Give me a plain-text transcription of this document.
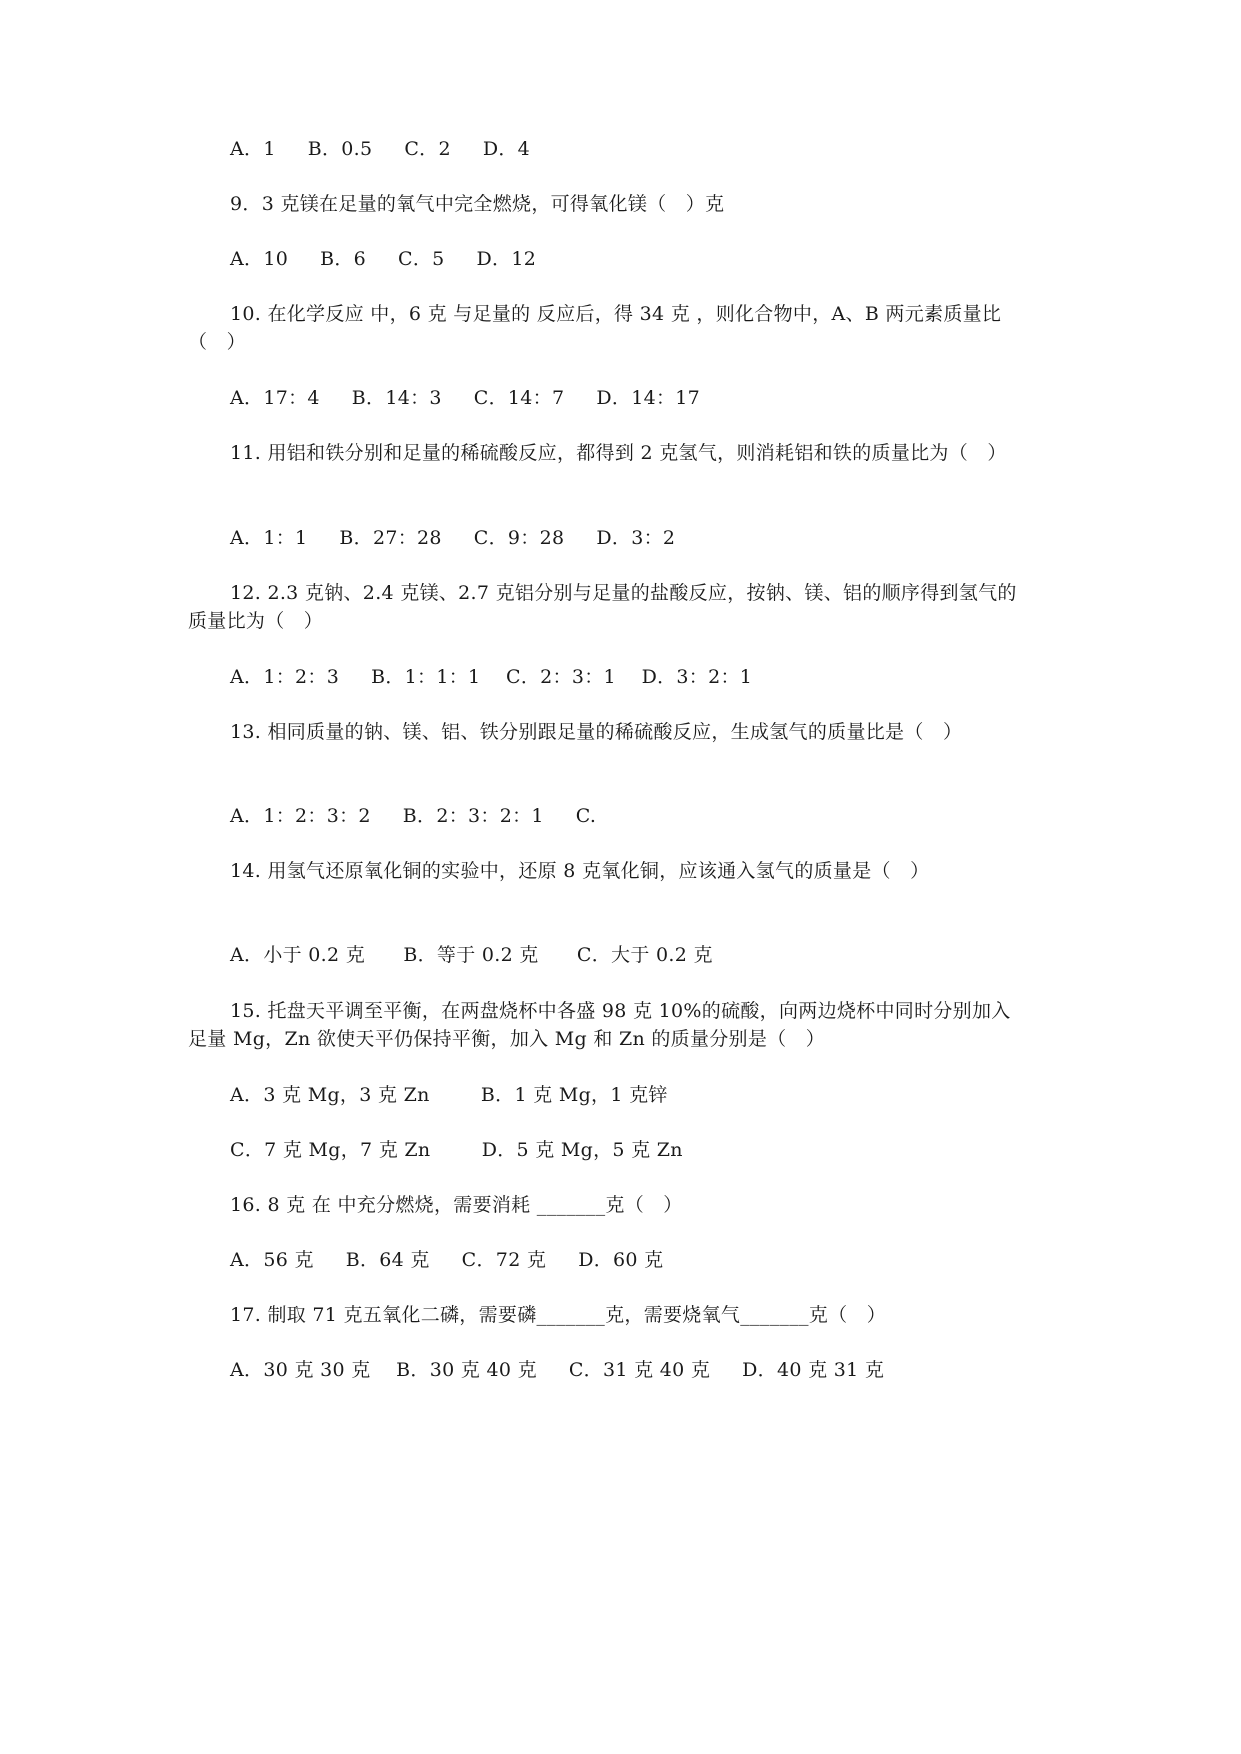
A．1　  B．0.5　  C．2　  D．4
9．3 克镁在足量的氧气中完全燃烧，可得氧化镁（　）克
A．10　  B．6　  C．5　  D．12
10. 在化学反应 中，6 克 与足量的 反应后，得 34 克 ，则化合物中，A、B 两元素质量比
（　）
A．17：4　  B．14：3　  C．14：7　  D．14：17
11. 用铝和铁分别和足量的稀硫酸反应，都得到 2 克氢气，则消耗铝和铁的质量比为（　）
A．1：1　  B．27：28　  C．9：28　  D．3：2
12. 2.3 克钠、2.4 克镁、2.7 克铝分别与足量的盐酸反应，按钠、镁、铝的顺序得到氢气的
质量比为（　）
A．1：2：3　  B．1：1：1　 C．2：3：1　 D．3：2：1
13. 相同质量的钠、镁、铝、铁分别跟足量的稀硫酸反应，生成氢气的质量比是（　）
A．1：2：3：2　  B．2：3：2：1　  C.
14. 用氢气还原氧化铜的实验中，还原 8 克氧化铜，应该通入氢气的质量是（　）
A．小于 0.2 克　   B．等于 0.2 克　   C．大于 0.2 克
15. 托盘天平调至平衡，在两盘烧杯中各盛 98 克 10%的硫酸，向两边烧杯中同时分别加入
足量 Mg，Zn 欲使天平仍保持平衡，加入 Mg 和 Zn 的质量分别是（　）
A．3 克 Mg，3 克 Zn　　  B．1 克 Mg，1 克锌
C．7 克 Mg，7 克 Zn　　  D．5 克 Mg，5 克 Zn
16. 8 克 在 中充分燃烧，需要消耗 _______克（　）
A．56 克　  B．64 克　  C．72 克　  D．60 克
17. 制取 71 克五氧化二磷，需要磷_______克，需要烧氧气_______克（　）
A．30 克 30 克　 B．30 克 40 克　  C．31 克 40 克　  D．40 克 31 克
